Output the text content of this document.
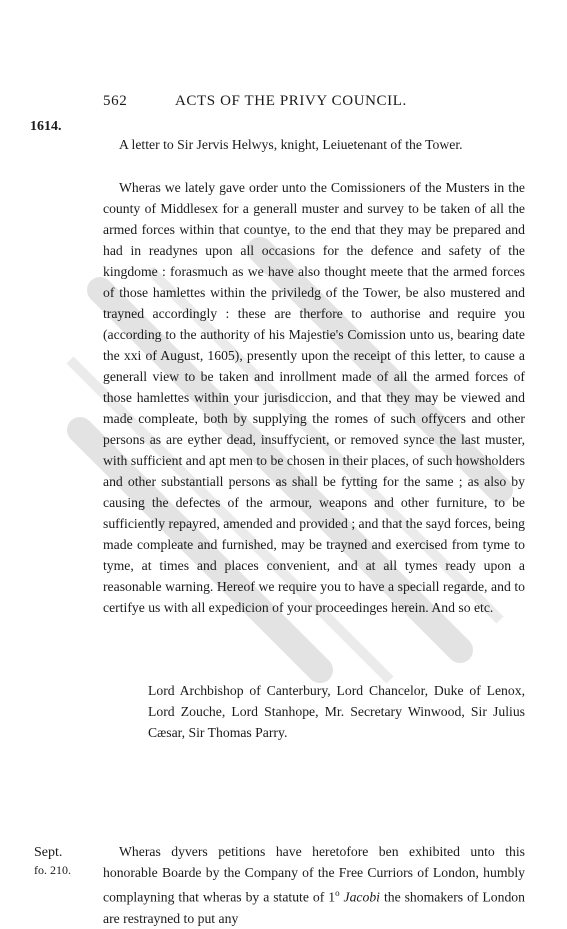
562	ACTS OF THE PRIVY COUNCIL.
1614.

A letter to Sir Jervis Helwys, knight, Leiuetenant of the Tower.

Wheras we lately gave order unto the Comissioners of the Musters in the county of Middlesex for a generall muster and survey to be taken of all the armed forces within that countye, to the end that they may be prepared and had in readynes upon all occasions for the defence and safety of the kingdome : forasmuch as we have also thought meete that the armed forces of those hamlettes within the priviledg of the Tower, be also mustered and trayned accordingly : these are therfore to authorise and require you (according to the authority of his Majestie's Comission unto us, bearing date the xxi of August, 1605), presently upon the receipt of this letter, to cause a generall view to be taken and inrollment made of all the armed forces of those hamlettes within your jurisdiccion, and that they may be viewed and made compleate, both by supplying the romes of such offycers and other persons as are eyther dead, insuffycient, or removed synce the last muster, with sufficient and apt men to be chosen in their places, of such howsholders and other substantiall persons as shall be fytting for the same ; as also by causing the defectes of the armour, weapons and other furniture, to be sufficiently repayred, amended and provided ; and that the sayd forces, being made compleate and furnished, may be trayned and exercised from tyme to tyme, at times and places convenient, and at all tymes ready upon a reasonable warning. Hereof we require you to have a speciall regarde, and to certifye us with all expedicion of your proceedinges herein. And so etc.

Lord Archbishop of Canterbury, Lord Chancelor, Duke of Lenox, Lord Zouche, Lord Stanhope, Mr. Secretary Winwood, Sir Julius Cæsar, Sir Thomas Parry.
Sept.
fo. 210.

Wheras dyvers petitions have heretofore ben exhibited unto this honorable Boarde by the Company of the Free Curriors of London, humbly complayning that wheras by a statute of 1$^o$ Jacobi the shomakers of London are restrayned to put any
